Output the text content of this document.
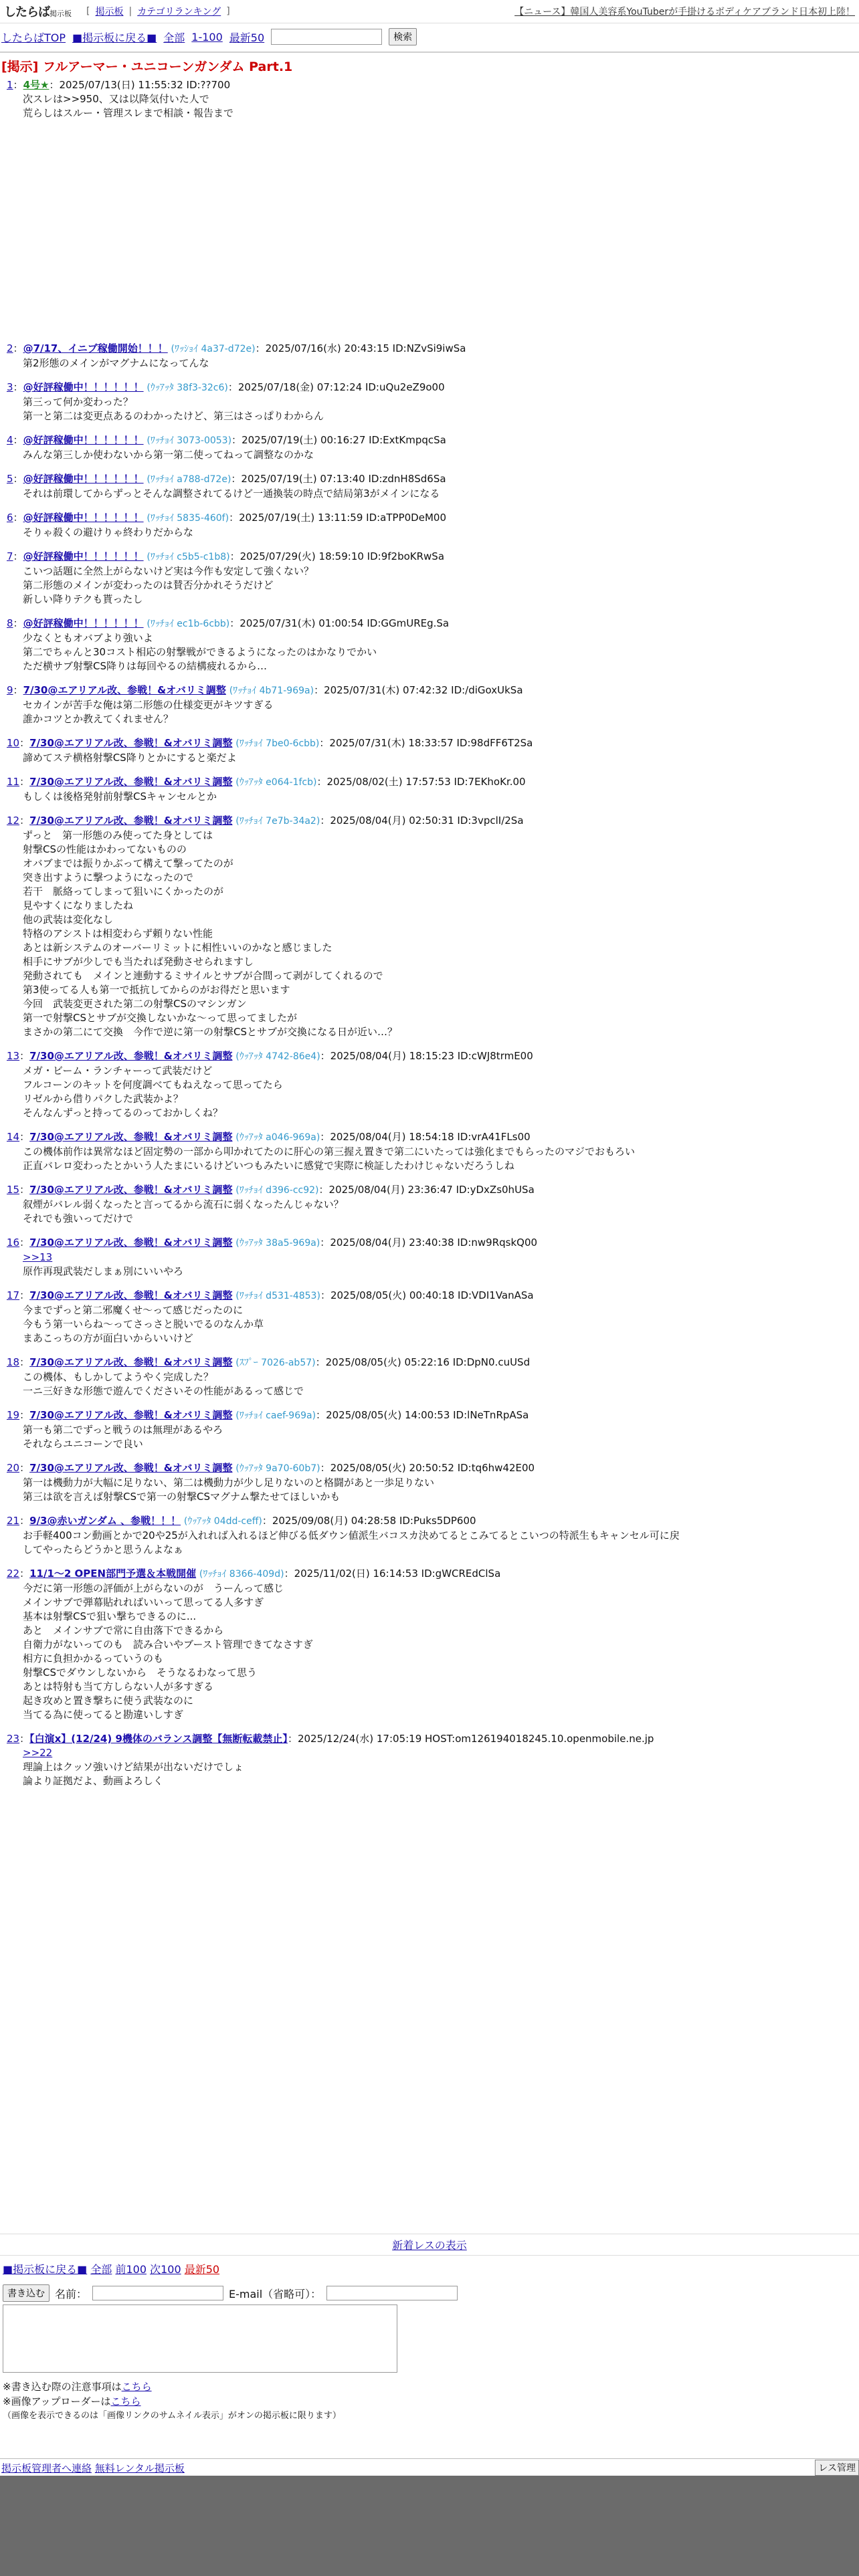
したらば掲示板 [ 掲示板 | カテゴリランキング ]	【ニュース】韓国人美容系YouTuberが手掛けるボディケアブランド日本初上陸！
したらばTOP ■掲示板に戻る■ 全部 1-100 最新50	検索
[掲示] フルアーマー・ユニコーンガンダム Part.1
1：4号★：2025/07/13(日) 11:55:32 ID:??700
次スレは>>950、又は以降気付いた人で
荒らしはスルー・管理スレまで相談・報告まで
2：@7/17、イニブ稼働開始！！！ (ﾜｯｼｮｲ 4a37-d72e)：2025/07/16(水) 20:43:15 ID:NZvSi9iwSa
第2形態のメインがマグナムになってんな
3：@好評稼働中！！！！！！ (ｳｯｱｯﾀ 38f3-32c6)：2025/07/18(金) 07:12:24 ID:uQu2eZ9o00
第三って何か変わった？
第一と第二は変更点あるのわかったけど、第三はさっぱりわからん
4：@好評稼働中！！！！！！ (ﾜｯﾁｮｲ 3073-0053)：2025/07/19(土) 00:16:27 ID:ExtKmpqcSa
みんな第三しか使わないから第一第二使ってねって調整なのかな
5：@好評稼働中！！！！！！ (ﾜｯﾁｮｲ a788-d72e)：2025/07/19(土) 07:13:40 ID:zdnH8Sd6Sa
それは前環してからずっとそんな調整されてるけど一通換装の時点で結局第3がメインになる
6：@好評稼働中！！！！！！ (ﾜｯﾁｮｲ 5835-460f)：2025/07/19(土) 13:11:59 ID:aTPP0DeM00
そりゃ殺くの避けりゃ終わりだからな
7：@好評稼働中！！！！！！ (ﾜｯﾁｮｲ c5b5-c1b8)：2025/07/29(火) 18:59:10 ID:9f2boKRwSa
こいつ話題に全然上がらないけど実は今作も安定して強くない？
第二形態のメインが変わったのは賛否分かれそうだけど
新しい降りテクも貰ったし
8：@好評稼働中！！！！！！ (ﾜｯﾁｮｲ ec1b-6cbb)：2025/07/31(木) 01:00:54 ID:GGmUREg.Sa
少なくともオバブより強いよ
第二でちゃんと30コスト相応の射撃戦ができるようになったのはかなりでかい
ただ横サブ射撃CS降りは毎回やるの結構疲れるから…
9：7/30@エアリアル改、参戦！&オバリミ調整 (ﾜｯﾁｮｲ 4b71-969a)：2025/07/31(木) 07:42:32 ID:/diGoxUkSa
セカインが苦手な俺は第二形態の仕様変更がキツすぎる
誰かコツとか教えてくれません？
10：7/30@エアリアル改、参戦！&オバリミ調整 (ﾜｯﾁｮｲ 7be0-6cbb)：2025/07/31(木) 18:33:57 ID:98dFF6T2Sa
諦めてステ横格射撃CS降りとかにすると楽だよ
11：7/30@エアリアル改、参戦！&オバリミ調整 (ｳｯｱｯﾀ e064-1fcb)：2025/08/02(土) 17:57:53 ID:7EKhoKr.00
もしくは後格発射前射撃CSキャンセルとか
12：7/30@エアリアル改、参戦！&オバリミ調整 (ﾜｯﾁｮｲ 7e7b-34a2)：2025/08/04(月) 02:50:31 ID:3vpclI/2Sa
ずっと　第一形態のみ使ってた身としては
射撃CSの性能はかわってないものの
オバブまでは振りかぶって構えて撃ってたのが
突き出すように撃つようになったので
若干　脈絡ってしまって狙いにくかったのが
見やすくになりましたね
他の武装は変化なし
特格のアシストは相変わらず頼りない性能
あとは新システムのオーバーリミットに相性いいのかなと感じました
相手にサブが少しでも当たれば発動させられますし
発動されても　メインと連動するミサイルとサブが合間って剥がしてくれるので
第3使ってる人も第一で抵抗してからのがお得だと思います
今回　武装変更された第二の射撃CSのマシンガン
第一で射撃CSとサブが交換しないかな〜って思ってましたが
まさかの第二にて交換　今作で逆に第一の射撃CSとサブが交換になる日が近い…？
13：7/30@エアリアル改、参戦！&オバリミ調整 (ｳｯｱｯﾀ 4742-86e4)：2025/08/04(月) 18:15:23 ID:cWJ8trmE00
メガ・ビーム・ランチャーって武装だけど
フルコーンのキットを何度調べてもねえなって思ってたら
リゼルから借りパクした武装かよ？
そんなんずっと持ってるのっておかしくね？
14：7/30@エアリアル改、参戦！&オバリミ調整 (ｳｯｱｯﾀ a046-969a)：2025/08/04(月) 18:54:18 ID:vrA41FLs00
この機体前作は異常なほど固定勢の一部から叩かれてたのに肝心の第三握え置きで第二にいたっては強化までもらったのマジでおもろい
正直バレロ変わったとかいう人たまにいるけどいつもみたいに感覚で実際に検証したわけじゃないだろうしね
15：7/30@エアリアル改、参戦！&オバリミ調整 (ﾜｯﾁｮｲ d396-cc92)：2025/08/04(月) 23:36:47 ID:yDxZs0hUSa
叙煙がバレル弱くなったと言ってるから流石に弱くなったんじゃない？
それでも強いってだけで
16：7/30@エアリアル改、参戦！&オバリミ調整 (ｳｯｱｯﾀ 38a5-969a)：2025/08/04(月) 23:40:38 ID:nw9RqskQ00
>>13
原作再現武装だしまぁ別にいいやろ
17：7/30@エアリアル改、参戦！&オバリミ調整 (ﾜｯﾁｮｲ d531-4853)：2025/08/05(火) 00:40:18 ID:VDI1VanASa
今までずっと第二邪魔くせ〜って感じだったのに
今もう第一いらね〜ってさっさと脱いでるのなんか草
まあこっちの方が面白いからいいけど
18：7/30@エアリアル改、参戦！&オバリミ調整 (ｽﾌﾟｰ 7026-ab57)：2025/08/05(火) 05:22:16 ID:DpN0.cuUSd
この機体、もしかしてようやく完成した？
一ニ三好きな形態で遊んでくださいその性能があるって感じで
19：7/30@エアリアル改、参戦！&オバリミ調整 (ﾜｯﾁｮｲ caef-969a)：2025/08/05(火) 14:00:53 ID:lNeTnRpASa
第一も第二でずっと戦うのは無理があるやろ
それならユニコーンで良い
20：7/30@エアリアル改、参戦！&オバリミ調整 (ｳｯｱｯﾀ 9a70-60b7)：2025/08/05(火) 20:50:52 ID:tq6hw42E00
第一は機動力が大幅に足りない、第二は機動力が少し足りないのと格闘があと一歩足りない
第三は欲を言えば射撃CSで第一の射撃CSマグナム撃たせてほしいかも
21：9/3@赤いガンダム 、参戦！！！ (ｳｯｱｯﾀ 04dd-ceff)：2025/09/08(月) 04:28:58 ID:Puks5DP600
お手軽400コン動画とかで20や25が入れれば入れるほど伸びる低ダウン値派生バコスカ決めてるとこみてるとこいつの特派生もキャンセル可に戻
してやったらどうかと思うんよなぁ
22：11/1〜2 OPEN部門予選＆本戦開催 (ﾜｯﾁｮｲ 8366-409d)：2025/11/02(日) 16:14:53 ID:gWCREdClSa
今だに第一形態の評価が上がらないのが　うーんって感じ
メインサブで弾幕貼れればいいって思ってる人多すぎ
基本は射撃CSで狙い撃ちできるのに...
あと　メインサブで常に自由落下できるから
自衛力がないってのも　読み合いやブースト管理できてなさすぎ
相方に負担かかるっていうのも
射撃CSでダウンしないから　そうなるわなって思う
あとは特射も当て方しらない人が多すぎる
起き攻めと置き撃ちに使う武装なのに
当てる為に使ってると勘違いしすぎ
23：【白演x】(12/24) 9機体のバランス調整【無断転載禁止】：2025/12/24(水) 17:05:19 HOST:om126194018245.10.openmobile.ne.jp
>>22
理論上はクッソ強いけど結果が出ないだけでしょ
論より証拠だよ、動画よろしく
新着レスの表示
■掲示板に戻る■ 全部 前100 次100 最新50
書き込む 名前：	E-mail（省略可）：
※書き込む際の注意事項はこちら
※画像アップローダーはこちら
（画像を表示できるのは「画像リンクのサムネイル表示」がオンの掲示板に限ります）
掲示板管理者へ連絡 無料レンタル掲示板	レス管理
